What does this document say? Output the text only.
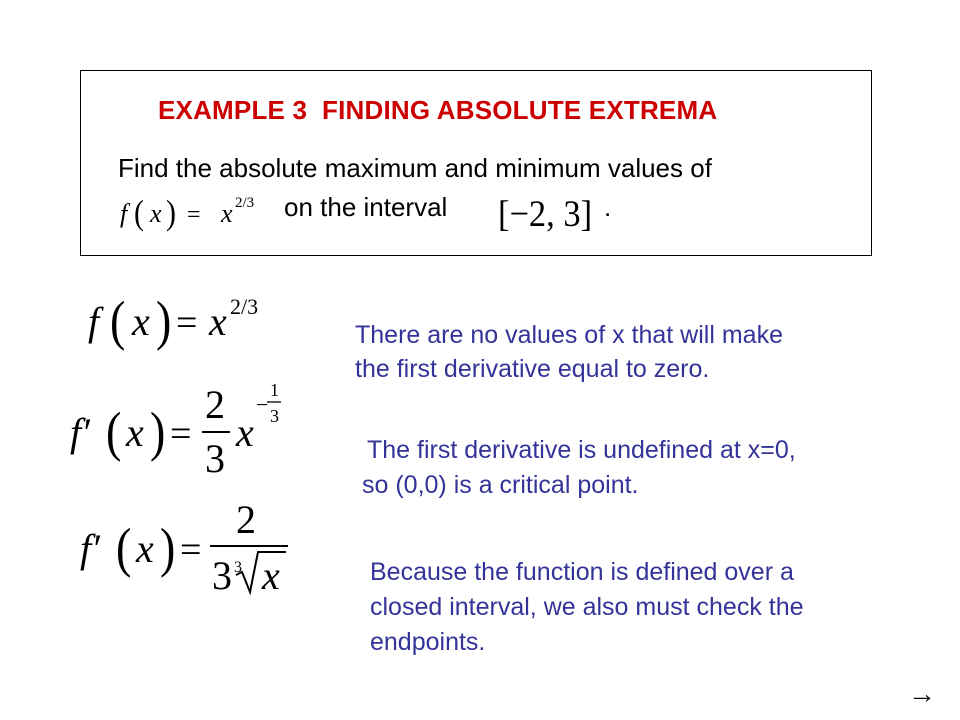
EXAMPLE 3  FINDING ABSOLUTE EXTREMA
Find the absolute maximum and minimum values of
on the interval	.
f ( x ) = x 2/3	[−2, 3]
f ( x ) = x 2/3
f′ ( x ) =
2
3
x
−
1
3
f′ ( x ) =
2
3 3 x
There are no values of x that will make
the first derivative equal to zero.
The first derivative is undefined at x=0,
so (0,0) is a critical point.
Because the function is defined over a
closed interval, we also must check the
endpoints.
→
